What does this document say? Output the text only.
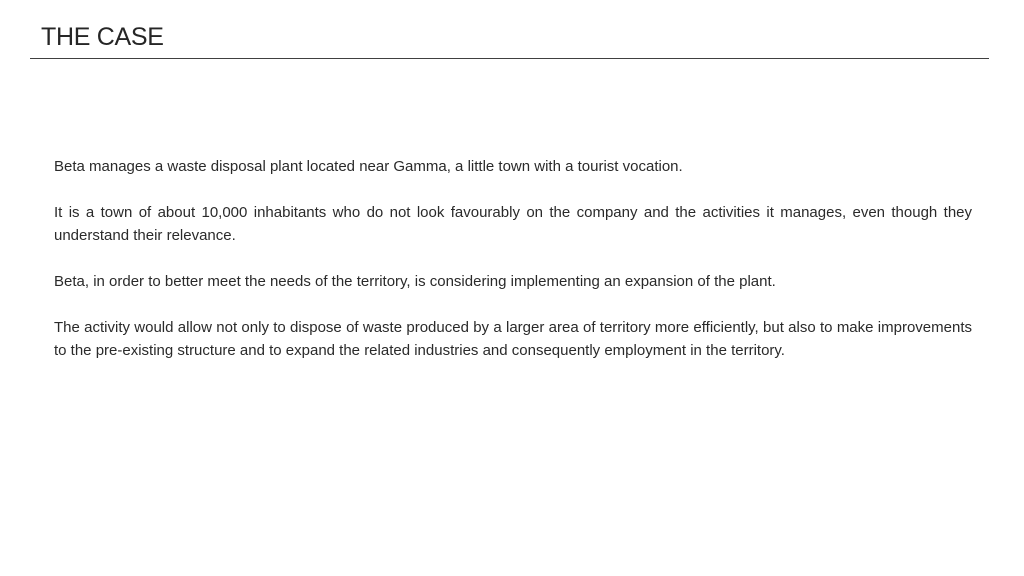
THE CASE

Beta manages a waste disposal plant located near Gamma, a little town with a tourist vocation.

It is a town of about 10,000 inhabitants who do not look favourably on the company and the activities it manages, even though they understand their relevance.

Beta, in order to better meet the needs of the territory, is considering implementing an expansion of the plant.

The activity would allow not only to dispose of waste produced by a larger area of territory more efficiently, but also to make improvements to the pre-existing structure and to expand the related industries and consequently employment in the territory.
